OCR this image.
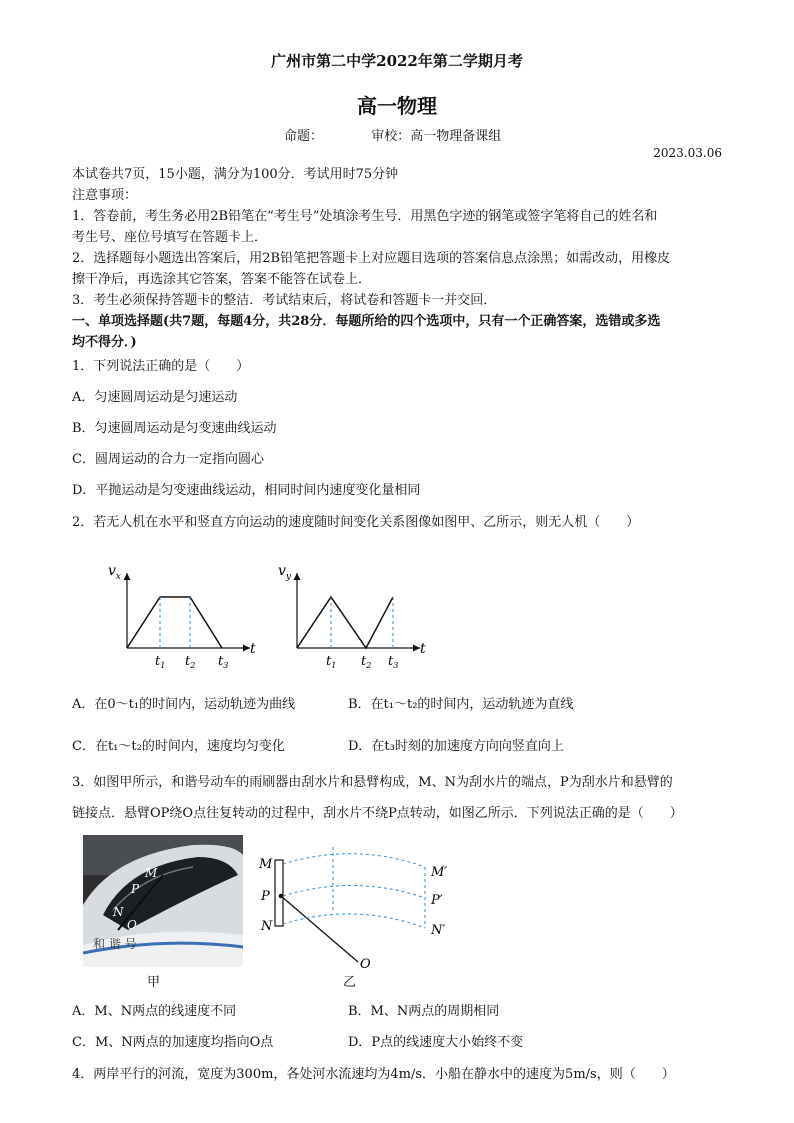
广州市第二中学2022年第二学期月考
高一物理
命题：	审校：高一物理备课组
2023.03.06
本试卷共7页，15小题，满分为100分．考试用时75分钟
注意事项：
1．答卷前，考生务必用2B铅笔在“考生号”处填涂考生号．用黑色字迹的钢笔或签字笔将自己的姓名和
考生号、座位号填写在答题卡上．
2．选择题每小题选出答案后，用2B铅笔把答题卡上对应题目选项的答案信息点涂黑；如需改动，用橡皮
擦干净后，再选涂其它答案，答案不能答在试卷上．
3．考生必须保持答题卡的整洁．考试结束后，将试卷和答题卡一并交回．
一、单项选择题(共7题，每题4分，共28分．每题所给的四个选项中，只有一个正确答案，选错或多选
均不得分．)
1．下列说法正确的是（　　）
A．匀速圆周运动是匀速运动
B．匀速圆周运动是匀变速曲线运动
C．圆周运动的合力一定指向圆心
D．平抛运动是匀变速曲线运动，相同时间内速度变化量相同
2．若无人机在水平和竖直方向运动的速度随时间变化关系图像如图甲、乙所示，则无人机（　　）
$v_x$
t
$t_1$ $t_2$ $t_3$
$v_y$
t
$t_1$ $t_2$ $t_3$
A．在0～t₁的时间内，运动轨迹为曲线	B．在t₁～t₂的时间内，运动轨迹为直线
C．在t₁～t₂的时间内，速度均匀变化	D．在t₃时刻的加速度方向向竖直向上
3．如图甲所示，和谐号动车的雨刷器由刮水片和悬臂构成，M、N为刮水片的端点，P为刮水片和悬臂的
链接点．悬臂OP绕O点往复转动的过程中，刮水片不绕P点转动，如图乙所示．下列说法正确的是（　　）
M
P
N
O
和 谐 号
甲
M
P
N
M′
P′
N′
O
乙
A．M、N两点的线速度不同	B．M、N两点的周期相同
C．M、N两点的加速度均指向O点	D．P点的线速度大小始终不变
4．两岸平行的河流，宽度为300m，各处河水流速均为4m/s．小船在静水中的速度为5m/s，则（　　）
